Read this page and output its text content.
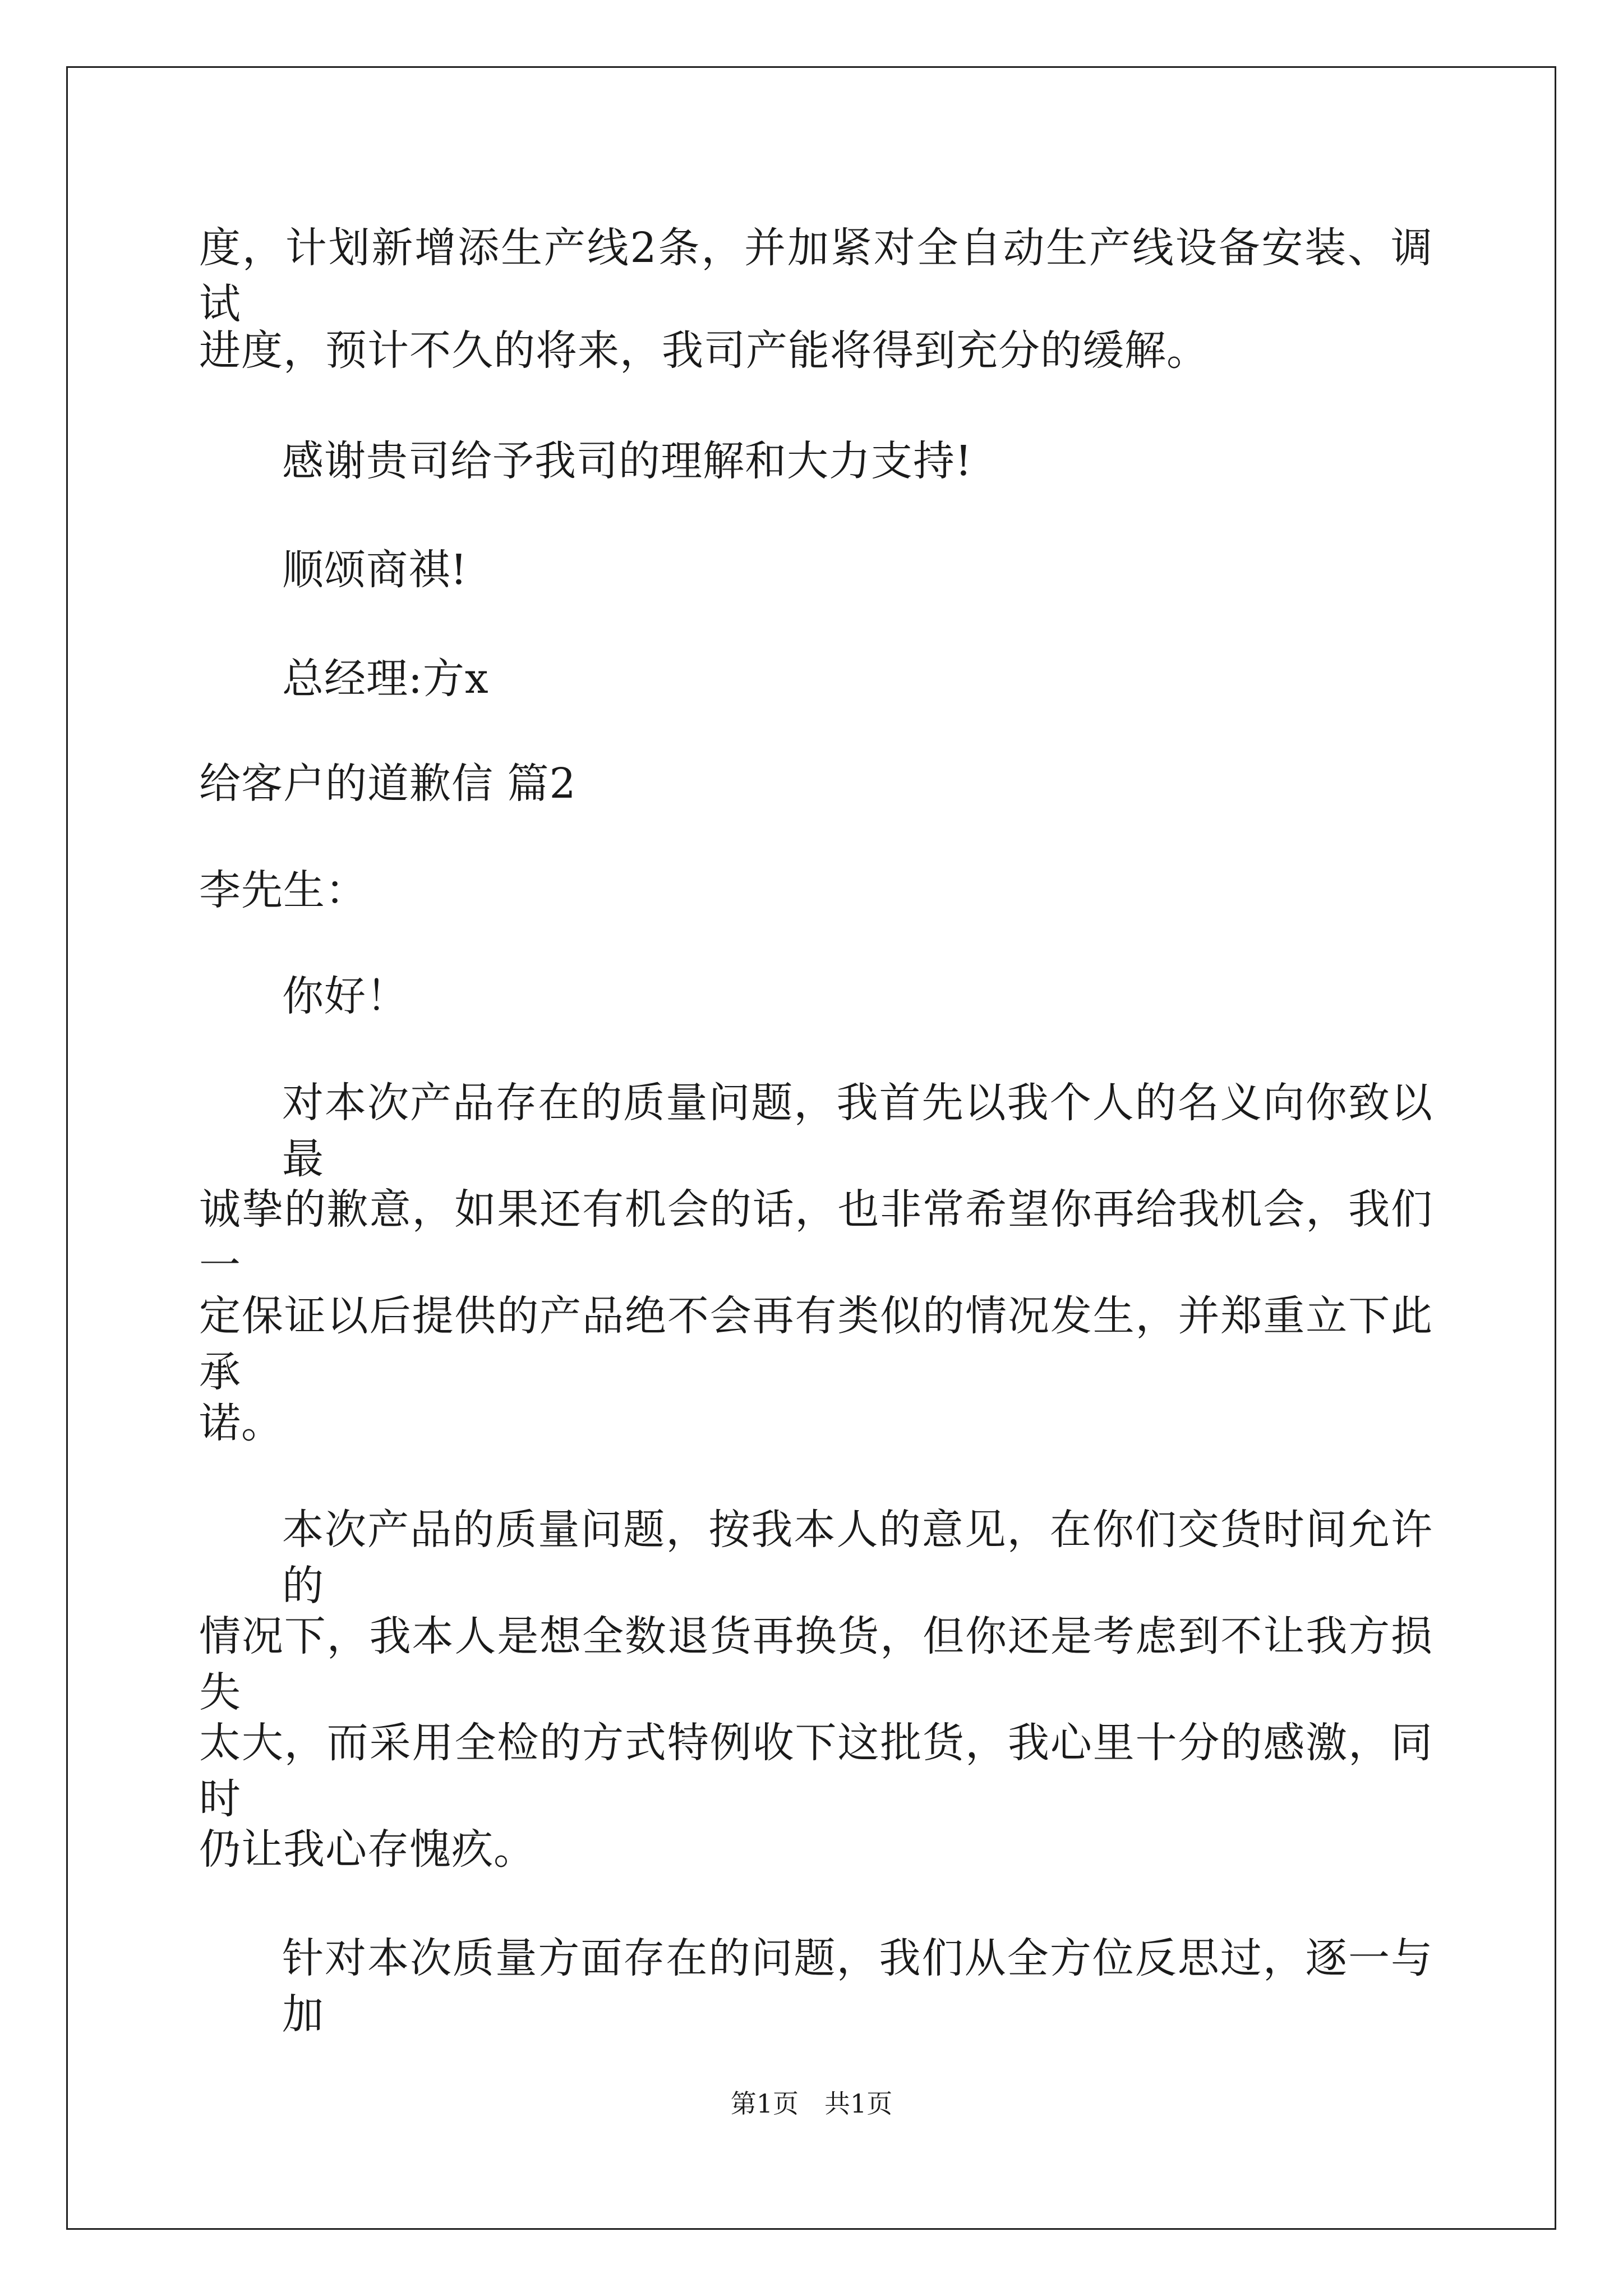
度，计划新增添生产线2条，并加紧对全自动生产线设备安装、调试
进度，预计不久的将来，我司产能将得到充分的缓解。
感谢贵司给予我司的理解和大力支持!
顺颂商祺!
总经理:方x
给客户的道歉信 篇2
李先生：
你好！
对本次产品存在的质量问题，我首先以我个人的名义向你致以最
诚挚的歉意，如果还有机会的话，也非常希望你再给我机会，我们一
定保证以后提供的产品绝不会再有类似的情况发生，并郑重立下此承
诺。
本次产品的质量问题，按我本人的意见，在你们交货时间允许的
情况下，我本人是想全数退货再换货，但你还是考虑到不让我方损失
太大，而采用全检的方式特例收下这批货，我心里十分的感激，同时
仍让我心存愧疚。
针对本次质量方面存在的问题，我们从全方位反思过，逐一与加
第1页　共1页
